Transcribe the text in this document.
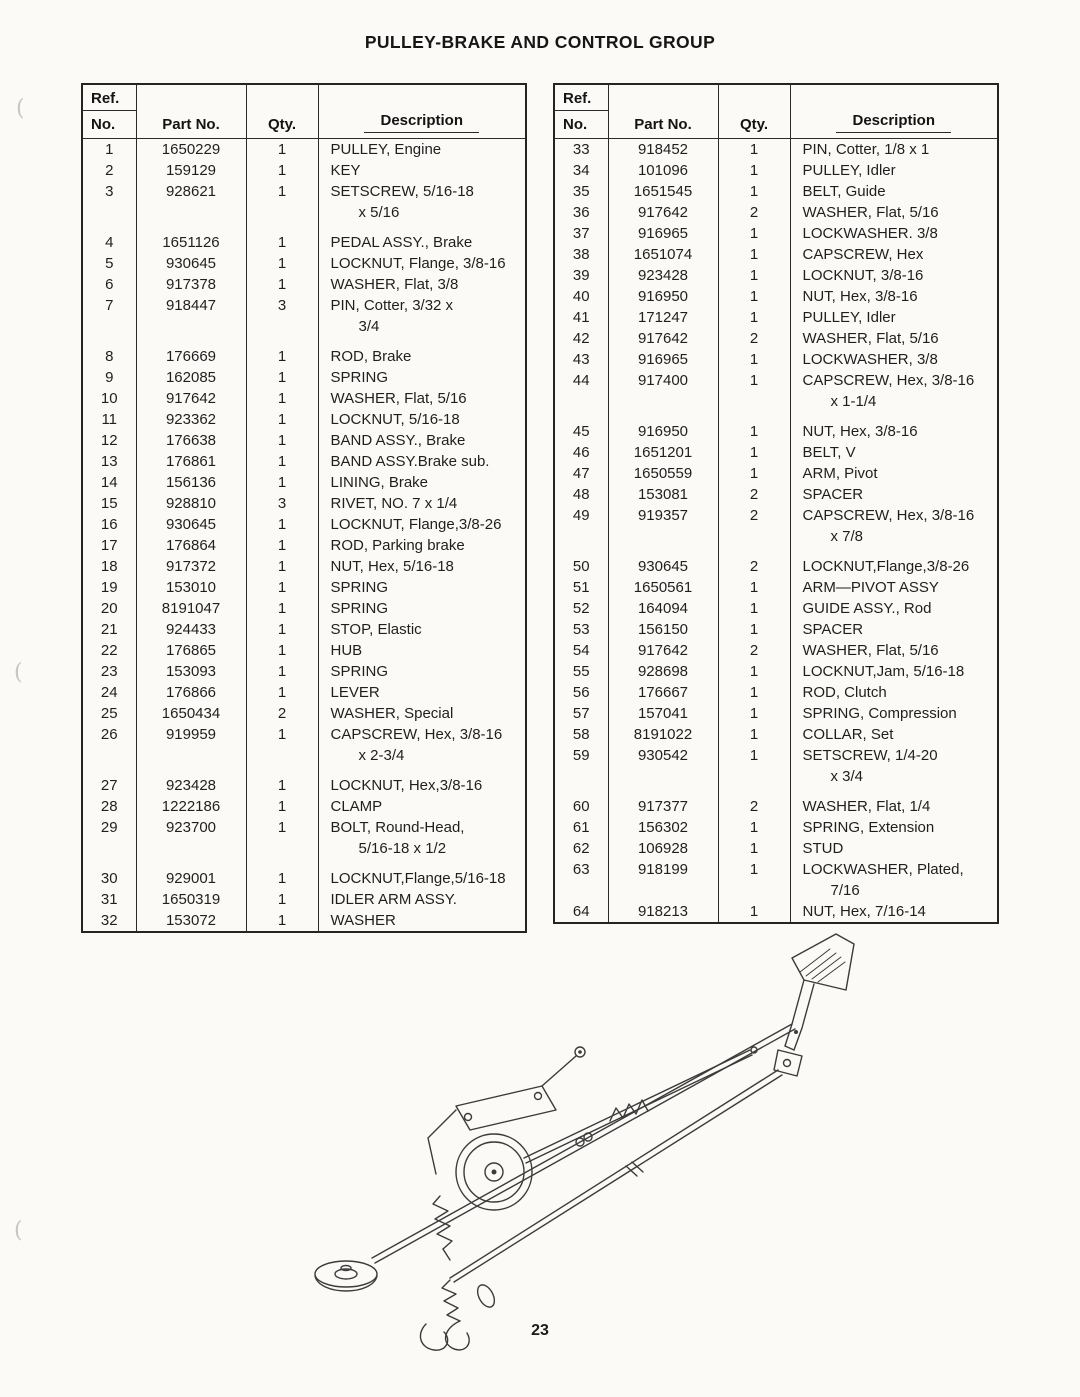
PULLEY-BRAKE AND CONTROL GROUP
Ref.
No.	Part No.	Qty.	Description
1	1650229	1	PULLEY, Engine
2	159129	1	KEY
3	928621	1	SETSCREW, 5/16-18
			x 5/16

4	1651126	1	PEDAL ASSY., Brake
5	930645	1	LOCKNUT, Flange, 3/8-16
6	917378	1	WASHER, Flat, 3/8
7	918447	3	PIN, Cotter, 3/32 x
			3/4

8	176669	1	ROD, Brake
9	162085	1	SPRING
10	917642	1	WASHER, Flat, 5/16
11	923362	1	LOCKNUT, 5/16-18
12	176638	1	BAND ASSY., Brake
13	176861	1	BAND ASSY.Brake sub.
14	156136	1	LINING, Brake
15	928810	3	RIVET, NO. 7 x 1/4
16	930645	1	LOCKNUT, Flange,3/8-26
17	176864	1	ROD, Parking brake
18	917372	1	NUT, Hex, 5/16-18
19	153010	1	SPRING
20	8191047	1	SPRING
21	924433	1	STOP, Elastic
22	176865	1	HUB
23	153093	1	SPRING
24	176866	1	LEVER
25	1650434	2	WASHER, Special
26	919959	1	CAPSCREW, Hex, 3/8-16
			x 2-3/4

27	923428	1	LOCKNUT, Hex,3/8-16
28	1222186	1	CLAMP
29	923700	1	BOLT, Round-Head,
			5/16-18 x 1/2

30	929001	1	LOCKNUT,Flange,5/16-18
31	1650319	1	IDLER ARM ASSY.
32	153072	1	WASHER
Ref.
No.	Part No.	Qty.	Description
33	918452	1	PIN, Cotter, 1/8 x 1
34	101096	1	PULLEY, Idler
35	1651545	1	BELT, Guide
36	917642	2	WASHER, Flat, 5/16
37	916965	1	LOCKWASHER. 3/8
38	1651074	1	CAPSCREW, Hex
39	923428	1	LOCKNUT, 3/8-16
40	916950	1	NUT, Hex, 3/8-16
41	171247	1	PULLEY, Idler
42	917642	2	WASHER, Flat, 5/16
43	916965	1	LOCKWASHER, 3/8
44	917400	1	CAPSCREW, Hex, 3/8-16
			x 1-1/4

45	916950	1	NUT, Hex, 3/8-16
46	1651201	1	BELT, V
47	1650559	1	ARM, Pivot
48	153081	2	SPACER
49	919357	2	CAPSCREW, Hex, 3/8-16
			x 7/8

50	930645	2	LOCKNUT,Flange,3/8-26
51	1650561	1	ARM—PIVOT ASSY
52	164094	1	GUIDE ASSY., Rod
53	156150	1	SPACER
54	917642	2	WASHER, Flat, 5/16
55	928698	1	LOCKNUT,Jam, 5/16-18
56	176667	1	ROD, Clutch
57	157041	1	SPRING, Compression
58	8191022	1	COLLAR, Set
59	930542	1	SETSCREW, 1/4-20
			x 3/4

60	917377	2	WASHER, Flat, 1/4
61	156302	1	SPRING, Extension
62	106928	1	STUD
63	918199	1	LOCKWASHER, Plated,
			7/16
64	918213	1	NUT, Hex, 7/16-14
23
(
(
(
